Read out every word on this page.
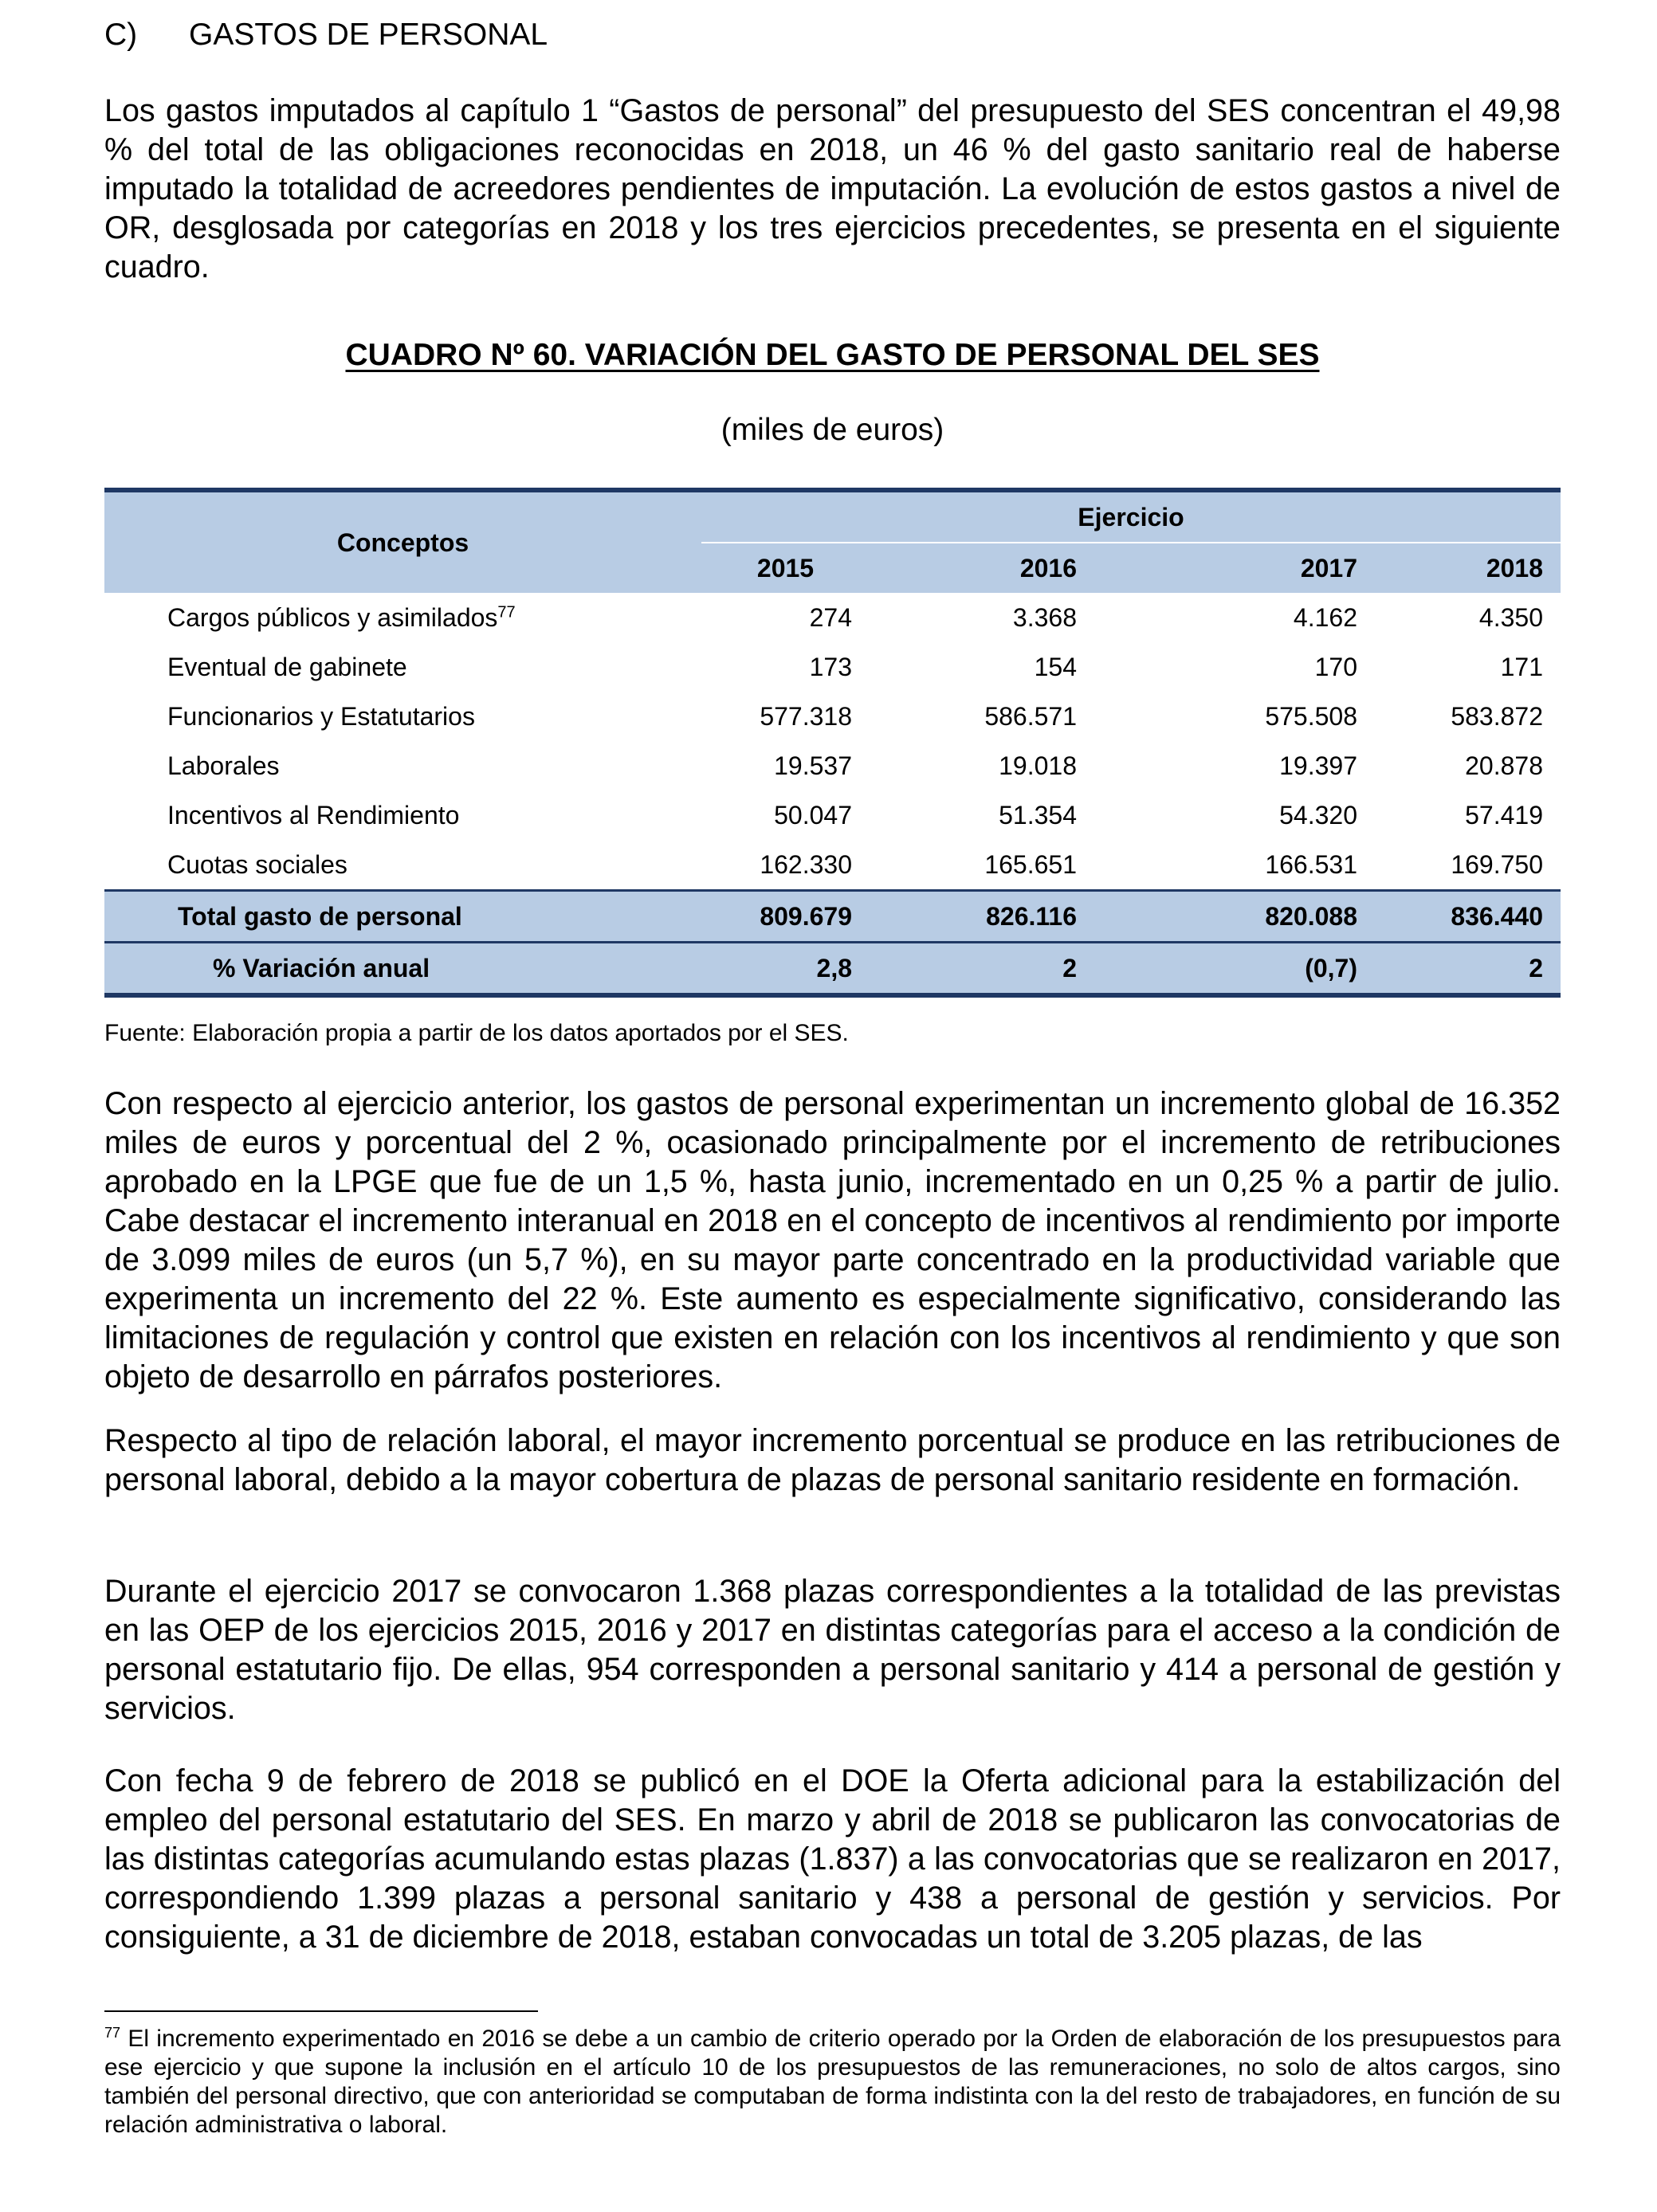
C)	GASTOS DE PERSONAL

Los gastos imputados al capítulo 1 “Gastos de personal” del presupuesto del SES concentran el 49,98 % del total de las obligaciones reconocidas en 2018, un 46 % del gasto sanitario real de haberse imputado la totalidad de acreedores pendientes de imputación. La evolución de estos gastos a nivel de OR, desglosada por categorías en 2018 y los tres ejercicios precedentes, se presenta en el siguiente cuadro.

CUADRO Nº 60. VARIACIÓN DEL GASTO DE PERSONAL DEL SES
(miles de euros)
Conceptos	Ejercicio			
	2015	2016	2017	2018
Cargos públicos y asimilados$^{77}$	274	3.368	4.162	4.350
Eventual de gabinete	173	154	170	171
Funcionarios y Estatutarios	577.318	586.571	575.508	583.872
Laborales	19.537	19.018	19.397	20.878
Incentivos al Rendimiento	50.047	51.354	54.320	57.419
Cuotas sociales	162.330	165.651	166.531	169.750
Total gasto de personal	809.679	826.116	820.088	836.440
% Variación anual	2,8	2	(0,7)	2
Fuente: Elaboración propia a partir de los datos aportados por el SES.

Con respecto al ejercicio anterior, los gastos de personal experimentan un incremento global de 16.352 miles de euros y porcentual del 2 %, ocasionado principalmente por el incremento de retribuciones aprobado en la LPGE que fue de un 1,5 %, hasta junio, incrementado en un 0,25 % a partir de julio. Cabe destacar el incremento interanual en 2018 en el concepto de incentivos al rendimiento por importe de 3.099 miles de euros (un 5,7 %), en su mayor parte concentrado en la productividad variable que experimenta un incremento del 22 %. Este aumento es especialmente significativo, considerando las limitaciones de regulación y control que existen en relación con los incentivos al rendimiento y que son objeto de desarrollo en párrafos posteriores.

Respecto al tipo de relación laboral, el mayor incremento porcentual se produce en las retribuciones de personal laboral, debido a la mayor cobertura de plazas de personal sanitario residente en formación.

Durante el ejercicio 2017 se convocaron 1.368 plazas correspondientes a la totalidad de las previstas en las OEP de los ejercicios 2015, 2016 y 2017 en distintas categorías para el acceso a la condición de personal estatutario fijo. De ellas, 954 corresponden a personal sanitario y 414 a personal de gestión y servicios.

Con fecha 9 de febrero de 2018 se publicó en el DOE la Oferta adicional para la estabilización del empleo del personal estatutario del SES. En marzo y abril de 2018 se publicaron las convocatorias de las distintas categorías acumulando estas plazas (1.837) a las convocatorias que se realizaron en 2017, correspondiendo 1.399 plazas a personal sanitario y 438 a personal de gestión y servicios. Por consiguiente, a 31 de diciembre de 2018, estaban convocadas un total de 3.205 plazas, de las

$^{77}$ El incremento experimentado en 2016 se debe a un cambio de criterio operado por la Orden de elaboración de los presupuestos para ese ejercicio y que supone la inclusión en el artículo 10 de los presupuestos de las remuneraciones, no solo de altos cargos, sino también del personal directivo, que con anterioridad se computaban de forma indistinta con la del resto de trabajadores, en función de su relación administrativa o laboral.
